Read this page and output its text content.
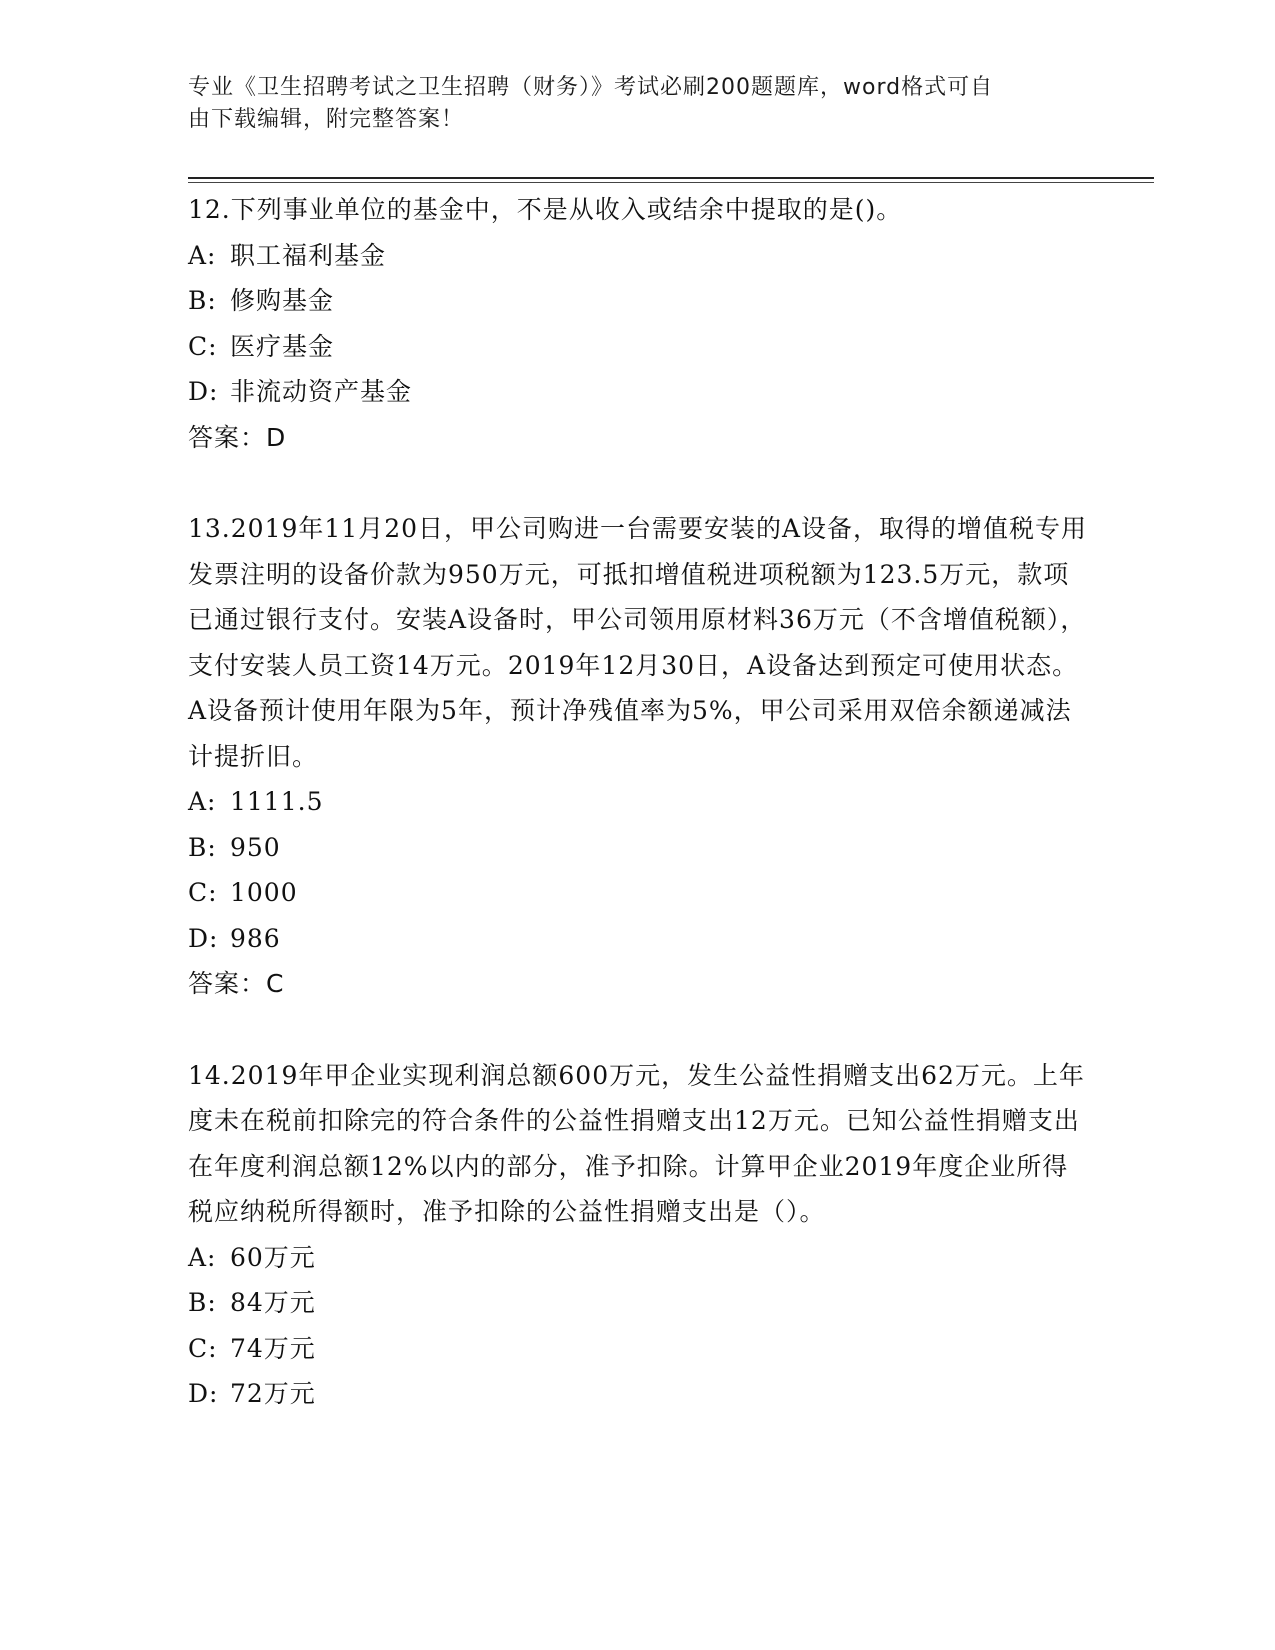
专业《卫生招聘考试之卫生招聘（财务）》考试必刷200题题库，word格式可自
由下载编辑，附完整答案！

12.下列事业单位的基金中，不是从收入或结余中提取的是()。

A: 职工福利基金

B: 修购基金

C: 医疗基金

D: 非流动资产基金

答案：D

13.2019年11月20日，甲公司购进一台需要安装的A设备，取得的增值税专用发票注明的设备价款为950万元，可抵扣增值税进项税额为123.5万元，款项已通过银行支付。安装A设备时，甲公司领用原材料36万元（不含增值税额），支付安装人员工资14万元。2019年12月30日，A设备达到预定可使用状态。A设备预计使用年限为5年，预计净残值率为5%，甲公司采用双倍余额递减法计提折旧。

A: 1111.5

B: 950

C: 1000

D: 986

答案：C

14.2019年甲企业实现利润总额600万元，发生公益性捐赠支出62万元。上年度未在税前扣除完的符合条件的公益性捐赠支出12万元。已知公益性捐赠支出在年度利润总额12%以内的部分，准予扣除。计算甲企业2019年度企业所得税应纳税所得额时，准予扣除的公益性捐赠支出是（）。

A: 60万元

B: 84万元

C: 74万元

D: 72万元
